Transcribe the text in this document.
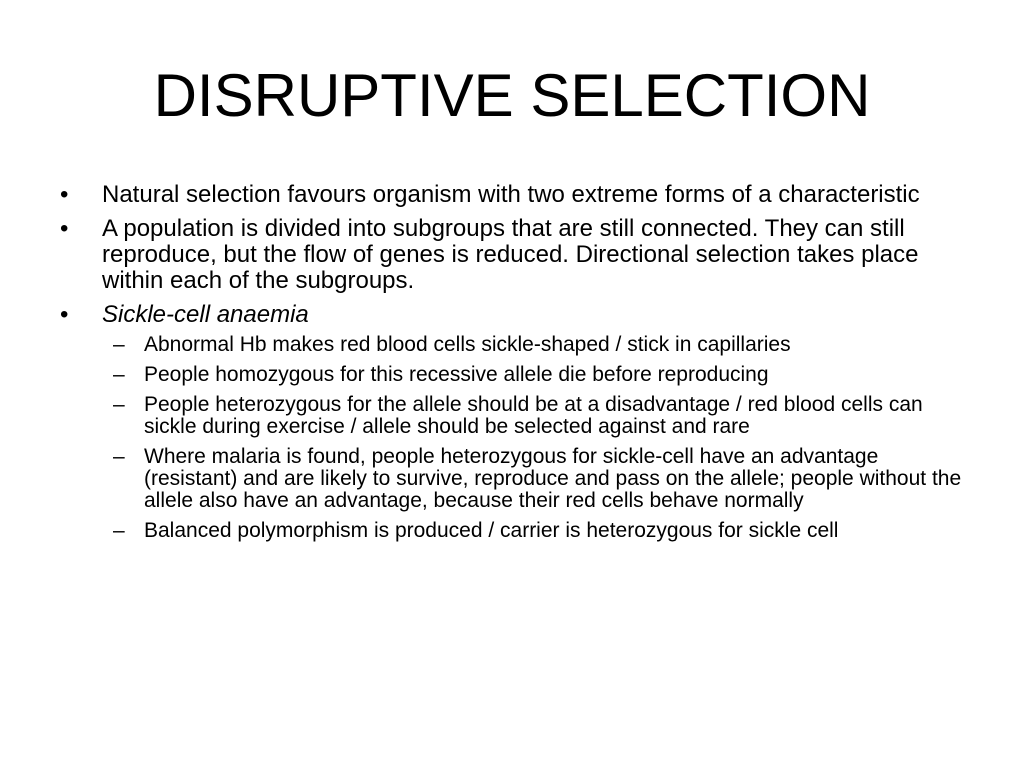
DISRUPTIVE SELECTION
•	Natural selection favours organism with two extreme forms of a characteristic
•	A population is divided into subgroups that are still connected. They can still reproduce, but the flow of genes is reduced. Directional selection takes place within each of the subgroups.
•	Sickle-cell anaemia
– Abnormal Hb makes red blood cells sickle-shaped / stick in capillaries
– People homozygous for this recessive allele die before reproducing
– People heterozygous for the allele should be at a disadvantage / red blood cells can sickle during exercise / allele should be selected against and rare
– Where malaria is found, people heterozygous for sickle-cell have an advantage (resistant) and are likely to survive, reproduce and pass on the allele; people without the allele also have an advantage, because their red cells behave normally
– Balanced polymorphism is produced / carrier is heterozygous for sickle cell
